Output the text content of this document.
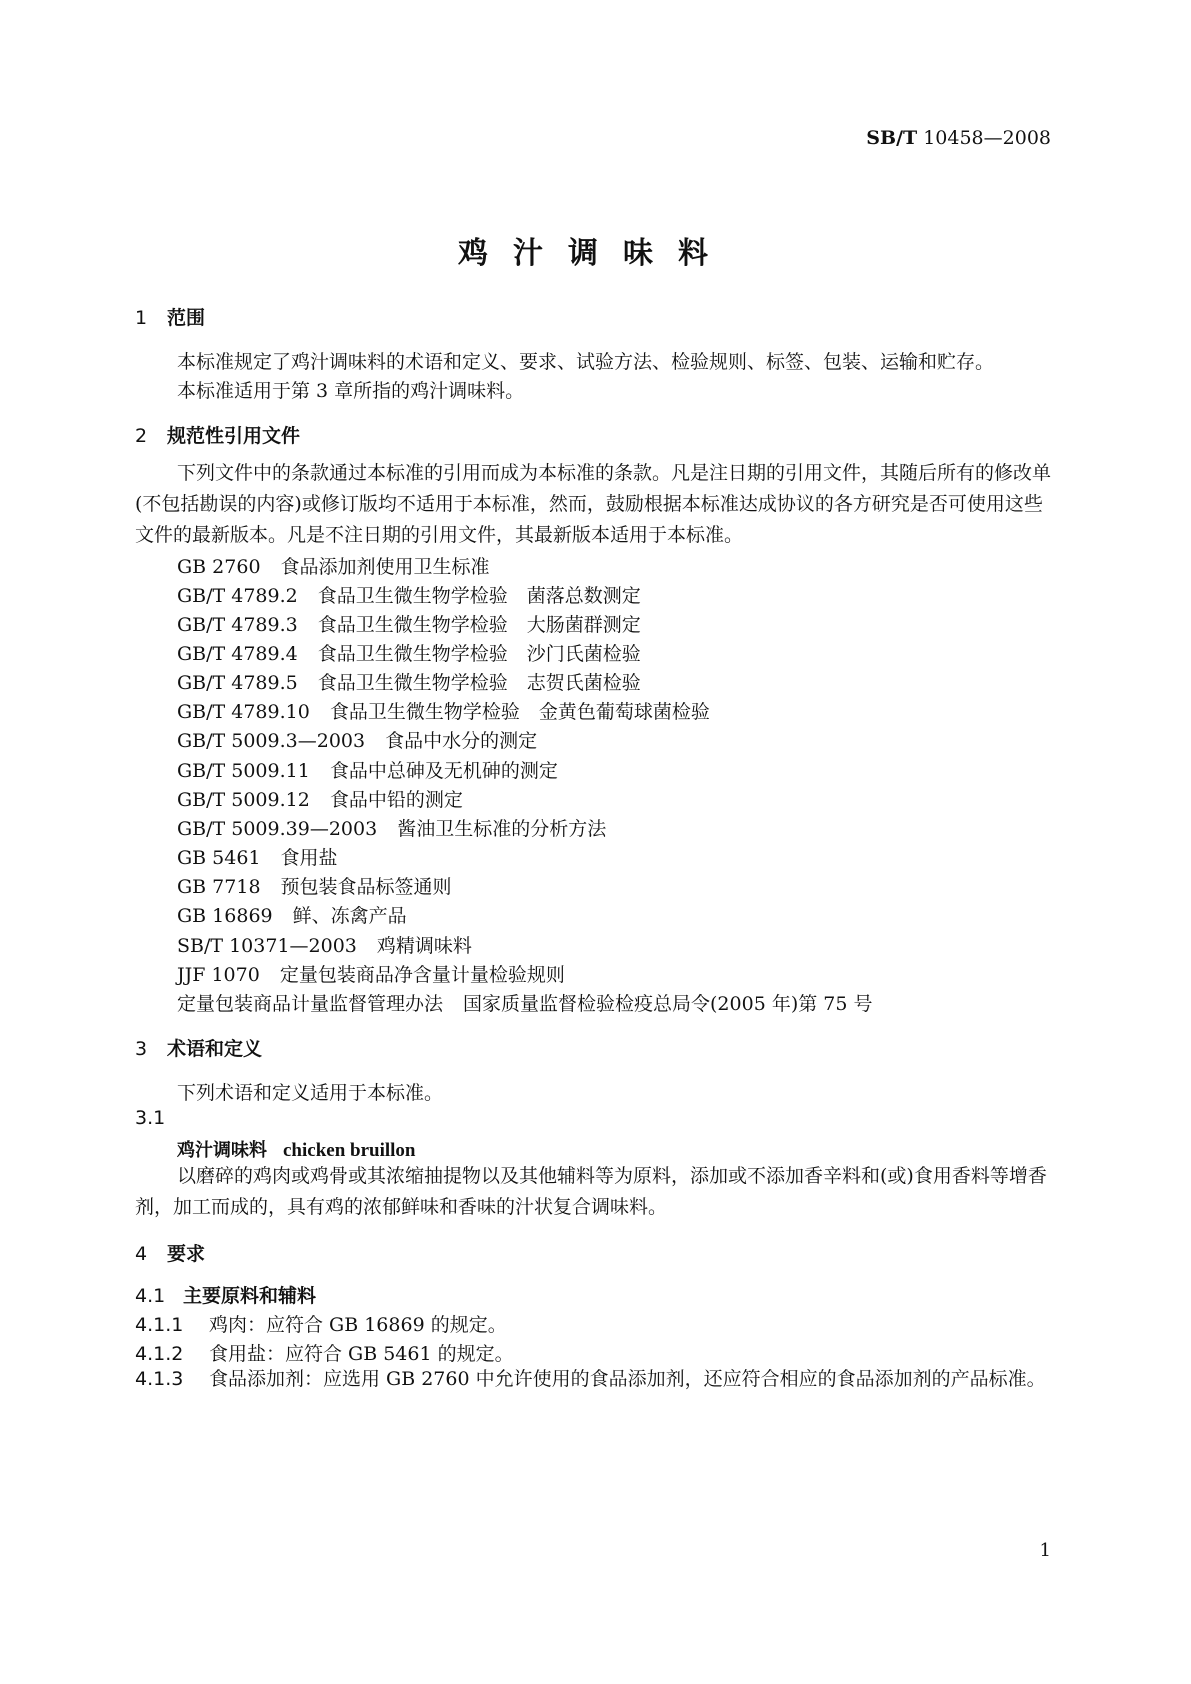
SB/T 10458—2008
鸡汁调味料
1 范围
本标准规定了鸡汁调味料的术语和定义、要求、试验方法、检验规则、标签、包装、运输和贮存。
本标准适用于第 3 章所指的鸡汁调味料。
2 规范性引用文件
下列文件中的条款通过本标准的引用而成为本标准的条款。凡是注日期的引用文件，其随后所有的修改单(不包括勘误的内容)或修订版均不适用于本标准，然而，鼓励根据本标准达成协议的各方研究是否可使用这些文件的最新版本。凡是不注日期的引用文件，其最新版本适用于本标准。
GB 2760 食品添加剂使用卫生标准
GB/T 4789.2 食品卫生微生物学检验　菌落总数测定
GB/T 4789.3 食品卫生微生物学检验　大肠菌群测定
GB/T 4789.4 食品卫生微生物学检验　沙门氏菌检验
GB/T 4789.5 食品卫生微生物学检验　志贺氏菌检验
GB/T 4789.10 食品卫生微生物学检验　金黄色葡萄球菌检验
GB/T 5009.3—2003 食品中水分的测定
GB/T 5009.11 食品中总砷及无机砷的测定
GB/T 5009.12 食品中铅的测定
GB/T 5009.39—2003 酱油卫生标准的分析方法
GB 5461 食用盐
GB 7718 预包装食品标签通则
GB 16869 鲜、冻禽产品
SB/T 10371—2003 鸡精调味料
JJF 1070 定量包装商品净含量计量检验规则
定量包装商品计量监督管理办法 国家质量监督检验检疫总局令(2005 年)第 75 号
3 术语和定义
下列术语和定义适用于本标准。
3.1
鸡汁调味料 chicken bruillon
以磨碎的鸡肉或鸡骨或其浓缩抽提物以及其他辅料等为原料，添加或不添加香辛料和(或)食用香料等增香剂，加工而成的，具有鸡的浓郁鲜味和香味的汁状复合调味料。
4 要求
4.1 主要原料和辅料
4.1.1 鸡肉：应符合 GB 16869 的规定。
4.1.2 食用盐：应符合 GB 5461 的规定。
4.1.3 食品添加剂：应选用 GB 2760 中允许使用的食品添加剂，还应符合相应的食品添加剂的产品标准。
1
